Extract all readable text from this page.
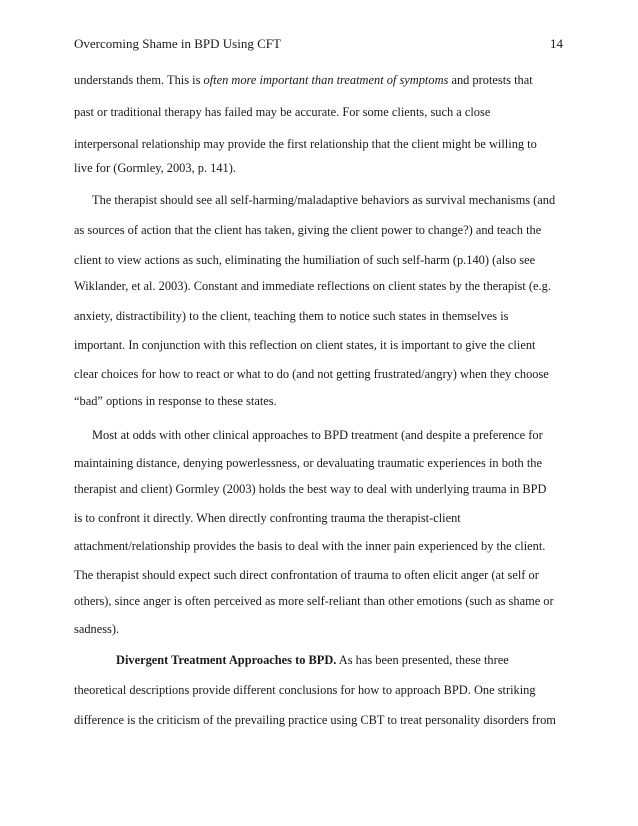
Overcoming Shame in BPD Using CFT	14
understands them. This is often more important than treatment of symptoms and protests that
past or traditional therapy has failed may be accurate. For some clients, such a close
interpersonal relationship may provide the first relationship that the client might be willing to
live for (Gormley, 2003, p. 141).
The therapist should see all self-harming/maladaptive behaviors as survival mechanisms (and
as sources of action that the client has taken, giving the client power to change?) and teach the
client to view actions as such, eliminating the humiliation of such self-harm (p.140) (also see
Wiklander, et al. 2003). Constant and immediate reflections on client states by the therapist (e.g.
anxiety, distractibility) to the client, teaching them to notice such states in themselves is
important. In conjunction with this reflection on client states, it is important to give the client
clear choices for how to react or what to do (and not getting frustrated/angry) when they choose
“bad” options in response to these states.
Most at odds with other clinical approaches to BPD treatment (and despite a preference for
maintaining distance, denying powerlessness, or devaluating traumatic experiences in both the
therapist and client) Gormley (2003) holds the best way to deal with underlying trauma in BPD
is to confront it directly. When directly confronting trauma the therapist-client
attachment/relationship provides the basis to deal with the inner pain experienced by the client.
The therapist should expect such direct confrontation of trauma to often elicit anger (at self or
others), since anger is often perceived as more self-reliant than other emotions (such as shame or
sadness).
Divergent Treatment Approaches to BPD. As has been presented, these three
theoretical descriptions provide different conclusions for how to approach BPD. One striking
difference is the criticism of the prevailing practice using CBT to treat personality disorders from
